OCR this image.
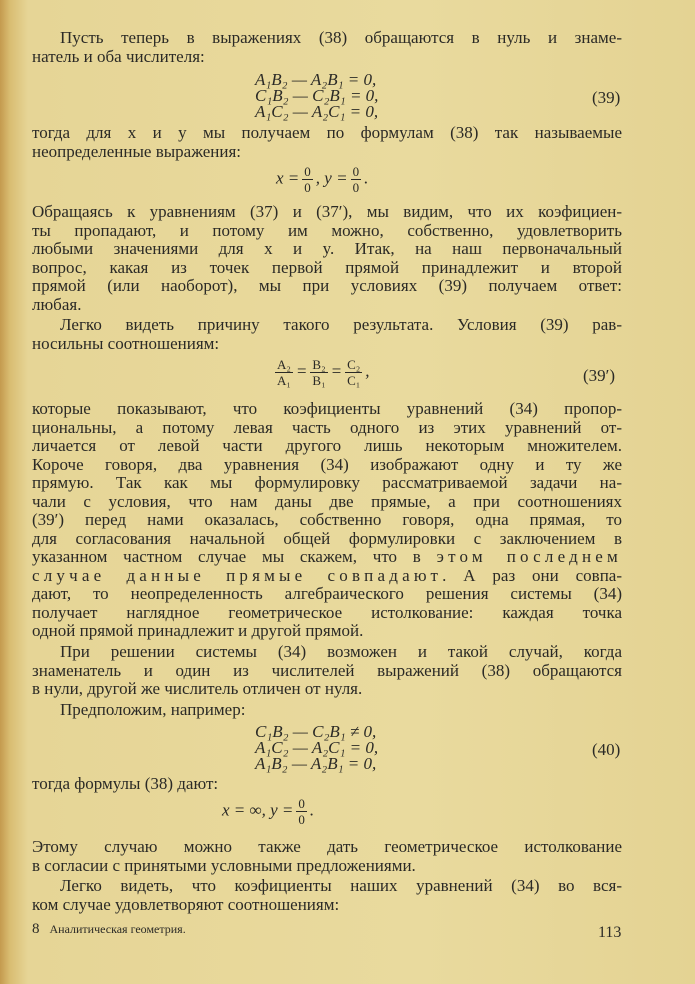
Пусть теперь в выражениях (38) обращаются в нуль и знаме-
натель и оба числителя:
A₁B₂ — A₂B₁ = 0,
C₁B₂ — C₂B₁ = 0,
A₁C₂ — A₂C₁ = 0,
(39)
тогда для x и y мы получаем по формулам (38) так называемые
неопределенные выражения:
$x = \frac{0}{0}$ , $y = \frac{0}{0}$ .
Обращаясь к уравнениям (37) и (37′), мы видим, что их коэфициен-
ты пропадают, и потому им можно, собственно, удовлетворить
любыми значениями для x и y. Итак, на наш первоначальный
вопрос, какая из точек первой прямой принадлежит и второй
прямой (или наоборот), мы при условиях (39) получаем ответ:
любая.
Легко видеть причину такого результата. Условия (39) рав-
носильны соотношениям:
$\frac{\text{A₂}}{\text{A₁}} = \frac{\text{B₂}}{\text{B₁}} = \frac{\text{C₂}}{\text{C₁}}$ ,	(39′)
которые показывают, что коэфициенты уравнений (34) пропор-
циональны, а потому левая часть одного из этих уравнений от-
личается от левой части другого лишь некоторым множителем.
Короче говоря, два уравнения (34) изображают одну и ту же
прямую. Так как мы формулировку рассматриваемой задачи на-
чали с условия, что нам даны две прямые, а при соотношениях
(39′) перед нами оказалась, собственно говоря, одна прямая, то
для согласования начальной общей формулировки с заключением в
указанном частном случае мы скажем, что в этом последнем
случае данные прямые совпадают. А раз они совпа-
дают, то неопределенность алгебраического решения системы (34)
получает наглядное геометрическое истолкование: каждая точка
одной прямой принадлежит и другой прямой.
При решении системы (34) возможен и такой случай, когда
знаменатель и один из числителей выражений (38) обращаются
в нули, другой же числитель отличен от нуля.
Предположим, например:
C₁B₂ — C₂B₁ ≠ 0,
A₁C₂ — A₂C₁ = 0,
A₁B₂ — A₂B₁ = 0,
(40)
тогда формулы (38) дают:
x = ∞, $y = \frac{0}{0}$ .
Этому случаю можно также дать геометрическое истолкование
в согласии с принятыми условными предложениями.
Легко видеть, что коэфициенты наших уравнений (34) во вся-
ком случае удовлетворяют соотношениям:
8 Аналитическая геометрия.	113
